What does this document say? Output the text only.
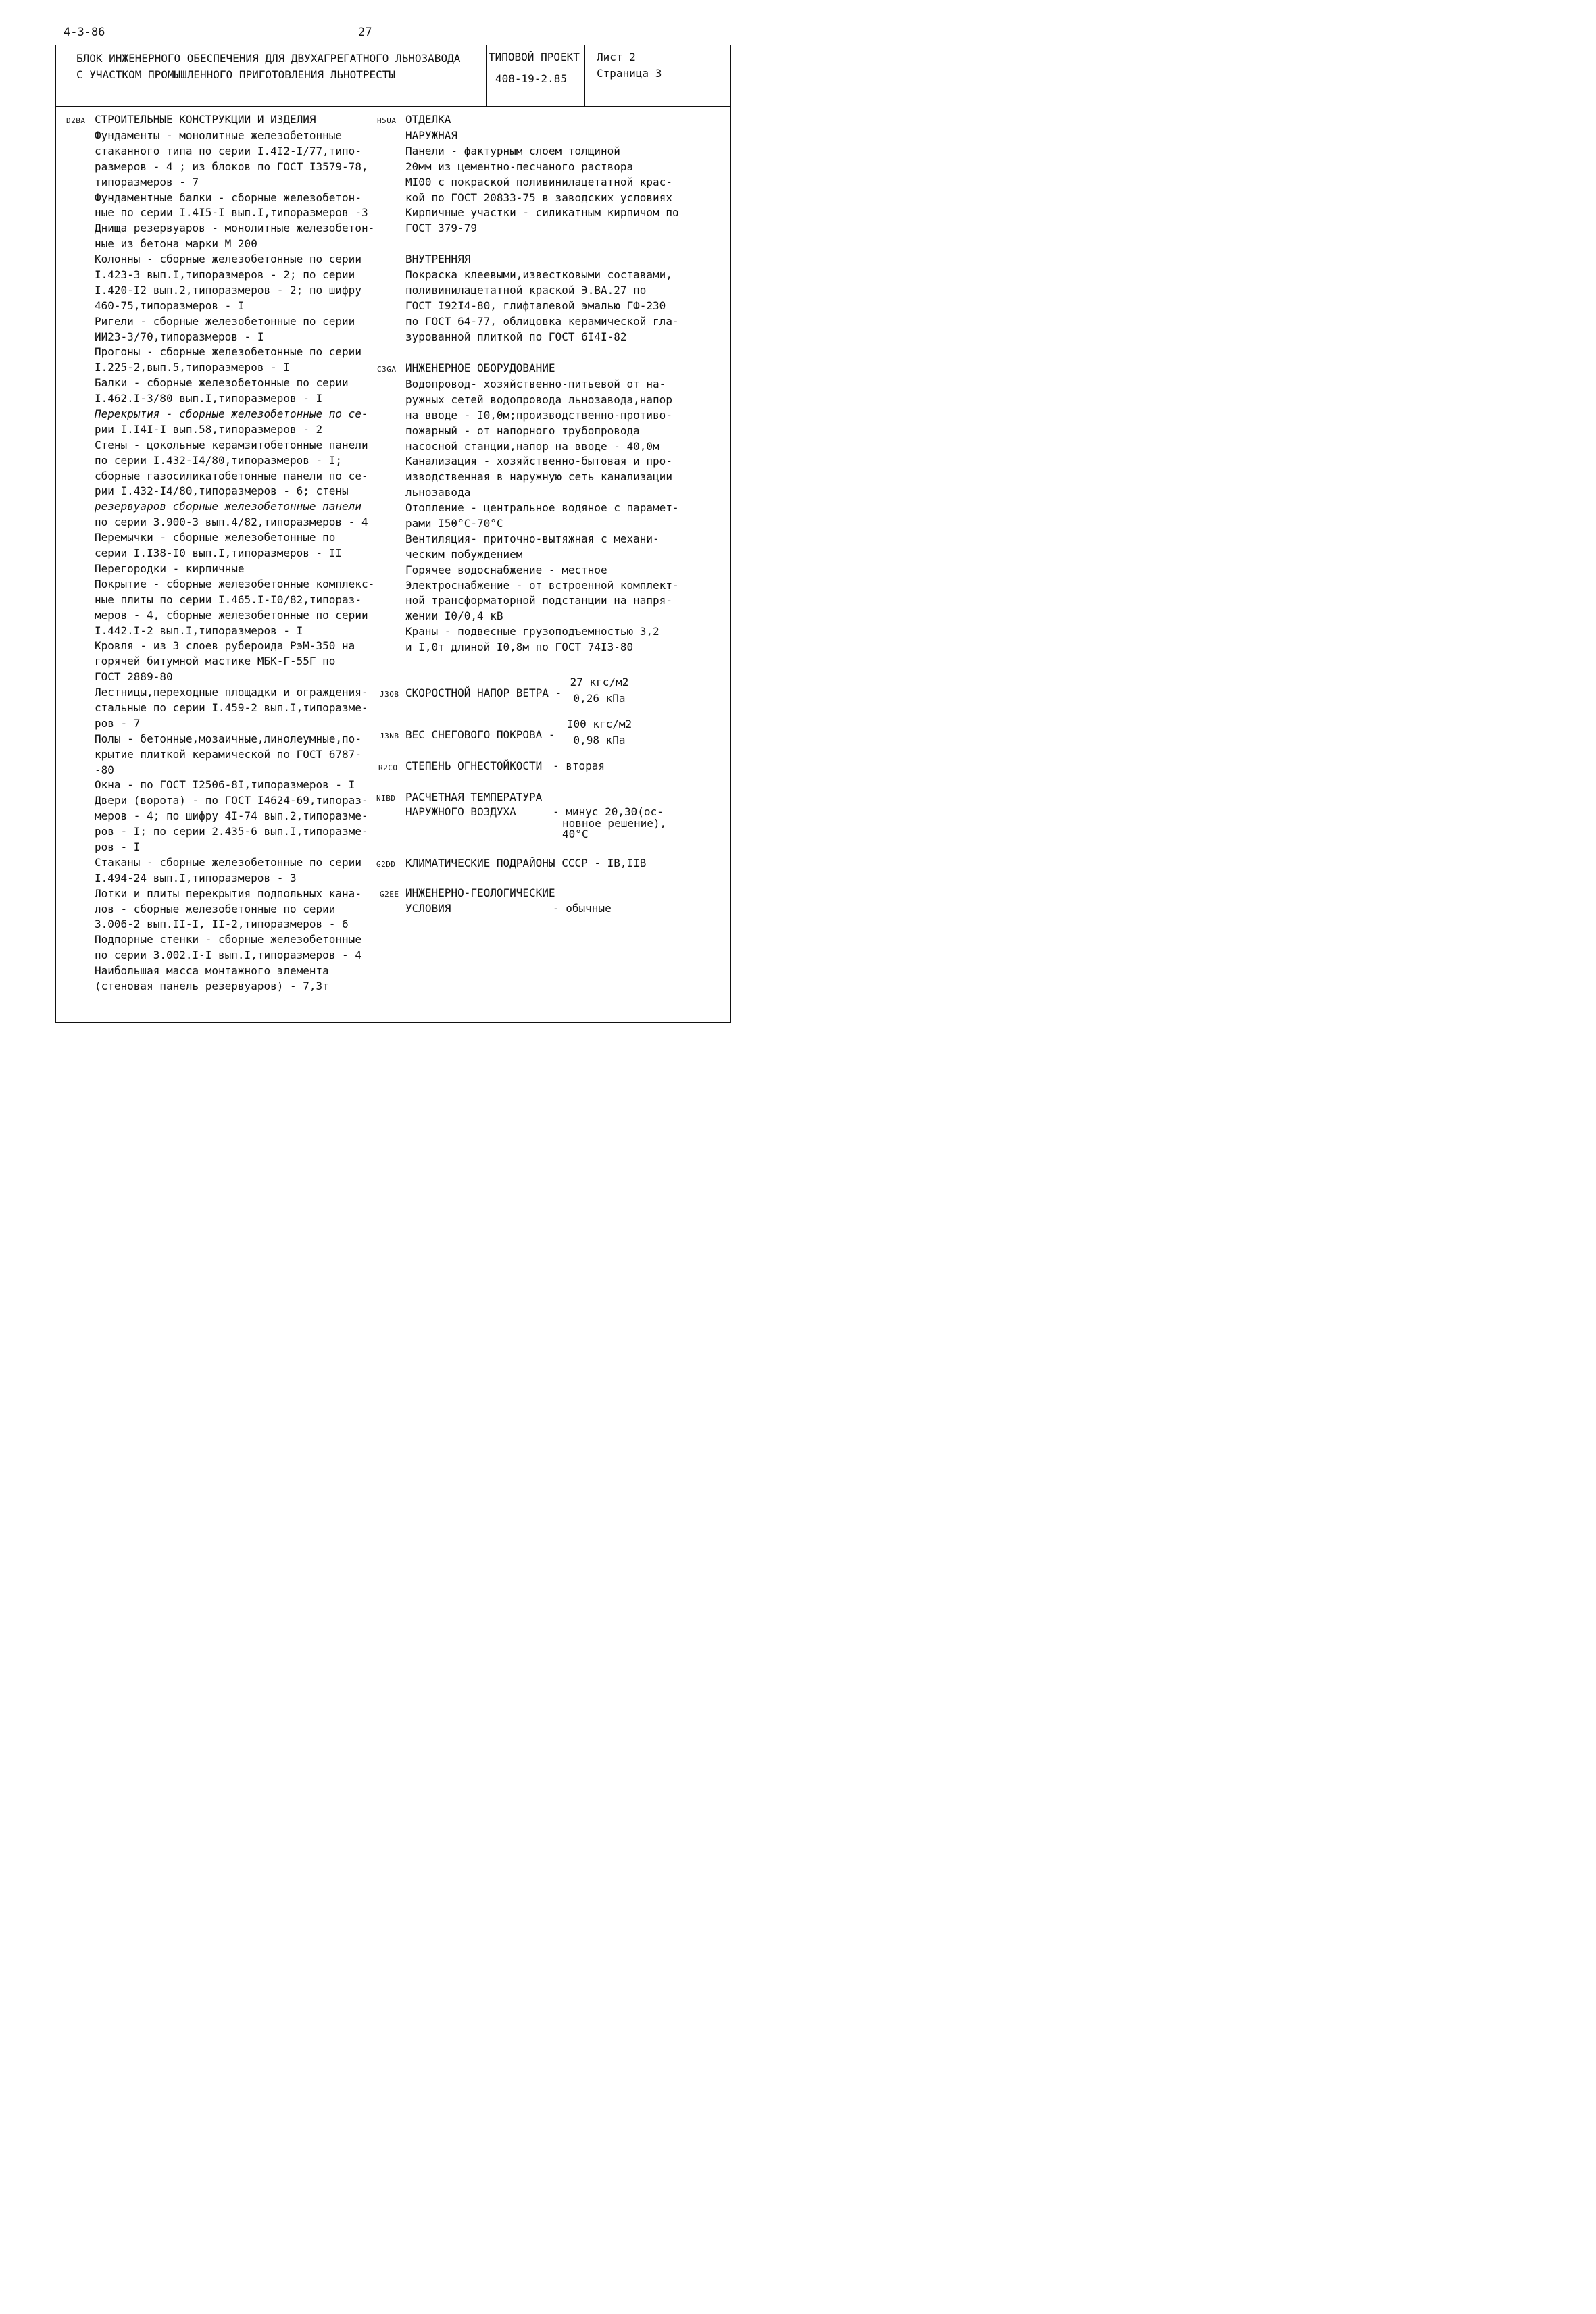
4-3-86	27
БЛОК ИНЖЕНЕРНОГО ОБЕСПЕЧЕНИЯ ДЛЯ ДВУХАГРЕГАТНОГО ЛЬНОЗАВОДА
С УЧАСТКОМ ПРОМЫШЛЕННОГО ПРИГОТОВЛЕНИЯ ЛЬНОТРЕСТЫ
ТИПОВОЙ ПРОЕКТ
408-19-2.85
Лист 2
Страница 3
D2BA СТРОИТЕЛЬНЫЕ КОНСТРУКЦИИ И ИЗДЕЛИЯ
Фундаменты - монолитные железобетонные
стаканного типа по серии I.4I2-I/77,типо-
размеров - 4 ; из блоков по ГОСТ I3579-78,
типоразмеров - 7
Фундаментные балки - сборные железобетон-
ные по серии I.4I5-I вып.I,типоразмеров -3
Днища резервуаров - монолитные железобетон-
ные из бетона марки М 200
Колонны - сборные железобетонные по серии
I.423-3 вып.I,типоразмеров - 2; по серии
I.420-I2 вып.2,типоразмеров - 2; по шифру
460-75,типоразмеров - I
Ригели - сборные железобетонные по серии
ИИ23-3/70,типоразмеров - I
Прогоны - сборные железобетонные по серии
I.225-2,вып.5,типоразмеров - I
Балки - сборные железобетонные по серии
I.462.I-3/80 вып.I,типоразмеров - I
Перекрытия - сборные железобетонные по се-
рии I.I4I-I вып.58,типоразмеров - 2
Стены - цокольные керамзитобетонные панели
по серии I.432-I4/80,типоразмеров - I;
сборные газосиликатобетонные панели по се-
рии I.432-I4/80,типоразмеров - 6; стены
резервуаров сборные железобетонные панели
по серии 3.900-3 вып.4/82,типоразмеров - 4
Перемычки - сборные железобетонные по
серии I.I38-I0 вып.I,типоразмеров - II
Перегородки - кирпичные
Покрытие - сборные железобетонные комплекс-
ные плиты по серии I.465.I-I0/82,типораз-
меров - 4, сборные железобетонные по серии
I.442.I-2 вып.I,типоразмеров - I
Кровля - из 3 слоев рубероида РэМ-350 на
горячей битумной мастике МБК-Г-55Г по
ГОСТ 2889-80
Лестницы,переходные площадки и ограждения-
стальные по серии I.459-2 вып.I,типоразме-
ров - 7
Полы - бетонные,мозаичные,линолеумные,по-
крытие плиткой керамической по ГОСТ 6787-
-80
Окна - по ГОСТ I2506-8I,типоразмеров - I
Двери (ворота) - по ГОСТ I4624-69,типораз-
меров - 4; по шифру 4I-74 вып.2,типоразме-
ров - I; по серии 2.435-6 вып.I,типоразме-
ров - I
Стаканы - сборные железобетонные по серии
I.494-24 вып.I,типоразмеров - 3
Лотки и плиты перекрытия подпольных кана-
лов - сборные железобетонные по серии
3.006-2 вып.II-I, II-2,типоразмеров - 6
Подпорные стенки - сборные железобетонные
по серии 3.002.I-I вып.I,типоразмеров - 4
Наибольшая масса монтажного элемента
(стеновая панель резервуаров) - 7,3т
H5UA ОТДЕЛКА
НАРУЖНАЯ
Панели - фактурным слоем толщиной
20мм из цементно-песчаного раствора
MI00 с покраской поливинилацетатной крас-
кой по ГОСТ 20833-75 в заводских условиях
Кирпичные участки - силикатным кирпичом по
ГОСТ 379-79
ВНУТРЕННЯЯ
Покраска клеевыми,известковыми составами,
поливинилацетатной краской Э.ВА.27 по
ГОСТ I92I4-80, глифталевой эмалью ГФ-230
по ГОСТ 64-77, облицовка керамической гла-
зурованной плиткой по ГОСТ 6I4I-82
C3GA ИНЖЕНЕРНОЕ ОБОРУДОВАНИЕ
Водопровод- хозяйственно-питьевой от на-
ружных сетей водопровода льнозавода,напор
на вводе - I0,0м;производственно-противо-
пожарный - от напорного трубопровода
насосной станции,напор на вводе - 40,0м
Канализация - хозяйственно-бытовая и про-
изводственная в наружную сеть канализации
льнозавода
Отопление - центральное водяное с парамет-
рами I50°С-70°С
Вентиляция- приточно-вытяжная с механи-
ческим побуждением
Горячее водоснабжение - местное
Электроснабжение - от встроенной комплект-
ной трансформаторной подстанции на напря-
жении I0/0,4 кВ
Краны - подвесные грузоподъемностью 3,2
и I,0т длиной I0,8м по ГОСТ 74I3-80
J3OB СКОРОСТНОЙ НАПОР ВЕТРА -
27 кгс/м2
0,26 кПа
J3NB ВЕС СНЕГОВОГО ПОКРОВА -
I00 кгс/м2
0,98 кПа
R2CO СТЕПЕНЬ ОГНЕСТОЙКОСТИ - вторая
NIBD РАСЧЕТНАЯ ТЕМПЕРАТУРА
НАРУЖНОГО ВОЗДУХА	- минус 20,30(ос-
новное решение),
40°С
G2DD КЛИМАТИЧЕСКИЕ ПОДРАЙОНЫ СССР - IB,IIB
G2EE ИНЖЕНЕРНО-ГЕОЛОГИЧЕСКИЕ
УСЛОВИЯ	- обычные
